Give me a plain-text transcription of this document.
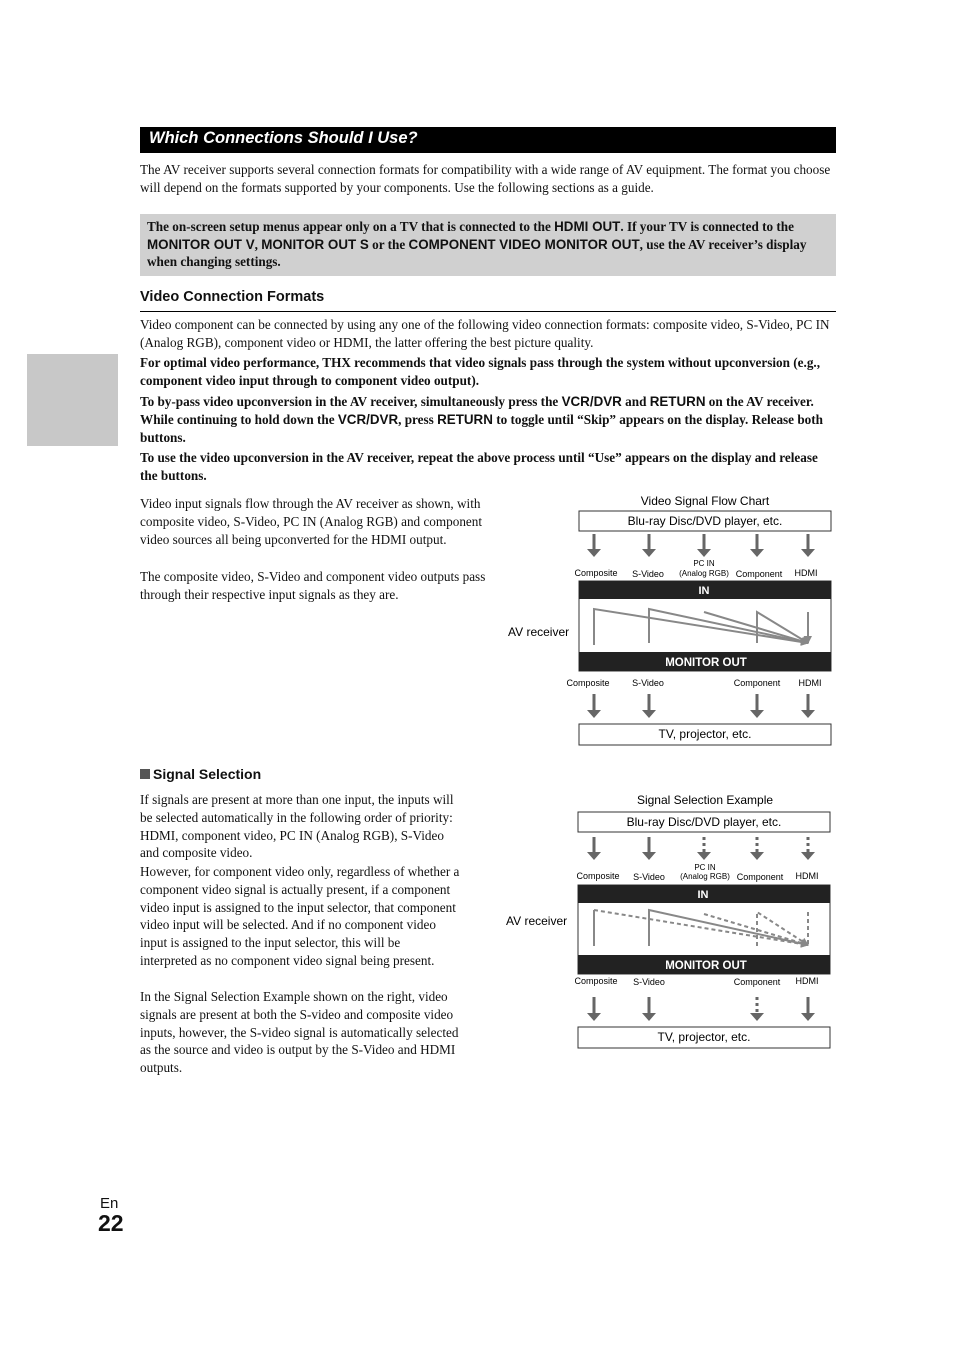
Which Connections Should I Use?

The AV receiver supports several connection formats for compatibility with a wide range of AV equipment. The format you choose will depend on the formats supported by your components. Use the following sections as a guide.

The on-screen setup menus appear only on a TV that is connected to the HDMI OUT. If your TV is connected to the MONITOR OUT V, MONITOR OUT S or the COMPONENT VIDEO MONITOR OUT, use the AV receiver’s display when changing settings.

Video Connection Formats

Video component can be connected by using any one of the following video connection formats: composite video, S-Video, PC IN (Analog RGB), component video or HDMI, the latter offering the best picture quality.

For optimal video performance, THX recommends that video signals pass through the system without upconversion (e.g., component video input through to component video output).

To by-pass video upconversion in the AV receiver, simultaneously press the VCR/DVR and RETURN on the AV receiver. While continuing to hold down the VCR/DVR, press RETURN to toggle until “Skip” appears on the display. Release both buttons.

To use the video upconversion in the AV receiver, repeat the above process until “Use” appears on the display and release the buttons.

Video input signals flow through the AV receiver as shown, with composite video, S-Video, PC IN (Analog RGB) and component video sources all being upconverted for the HDMI output.

The composite video, S-Video and component video outputs pass through their respective input signals as they are.

Video Signal Flow Chart
Blu-ray Disc/DVD player, etc.
Composite S-Video
PC IN
(Analog RGB) Component HDMI
IN
MONITOR OUT
AV receiver
Composite	S-Video	Component HDMI
TV, projector, etc.
Signal Selection

If signals are present at more than one input, the inputs will be selected automatically in the following order of priority: HDMI, component video, PC IN (Analog RGB), S-Video and composite video.

However, for component video only, regardless of whether a component video signal is actually present, if a component video input is assigned to the input selector, that component video input will be selected. And if no component video input is assigned to the input selector, this will be interpreted as no component video signal being present.

In the Signal Selection Example shown on the right, video signals are present at both the S-video and composite video inputs, however, the S-video signal is automatically selected as the source and video is output by the S-Video and HDMI outputs.

Signal Selection Example
Blu-ray Disc/DVD player, etc.
Composite S-Video
PC IN
(Analog RGB) Component HDMI
IN
MONITOR OUT
AV receiver
Composite S-Video	Component HDMI
TV, projector, etc.
En
22
